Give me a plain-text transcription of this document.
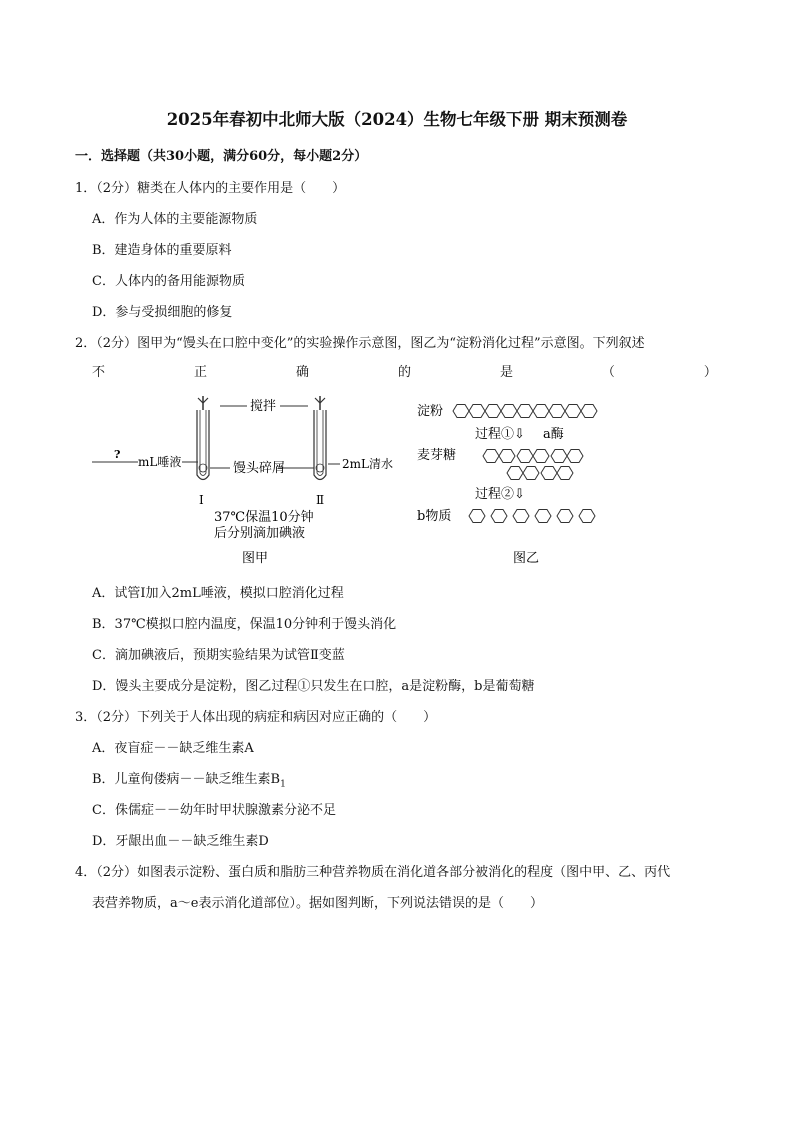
2025年春初中北师大版（2024）生物七年级下册 期末预测卷
一．选择题（共30小题，满分60分，每小题2分）
1．（2分）糖类在人体内的主要作用是（　　）
A．作为人体的主要能源物质
B．建造身体的重要原料
C．人体内的备用能源物质
D．参与受损细胞的修复
2．（2分）图甲为“馒头在口腔中变化”的实验操作示意图，图乙为“淀粉消化过程”示意图。下列叙述
不	正	确	的	是	（	）
搅拌
?
mL唾液	馒头碎屑	2mL清水
Ⅰ	Ⅱ
37℃保温10分钟
后分别滴加碘液
图甲
淀粉
过程①⇩ a酶
麦芽糖
过程②⇩
b物质
图乙
A．试管Ⅰ加入2mL唾液，模拟口腔消化过程
B．37℃模拟口腔内温度，保温10分钟利于馒头消化
C．滴加碘液后，预期实验结果为试管Ⅱ变蓝
D．馒头主要成分是淀粉，图乙过程①只发生在口腔，a是淀粉酶，b是葡萄糖
3．（2分）下列关于人体出现的病症和病因对应正确的（　　）
A．夜盲症－－缺乏维生素A
B．儿童佝偻病－－缺乏维生素$B_1$
C．侏儒症－－幼年时甲状腺激素分泌不足
D．牙龈出血－－缺乏维生素D
4．（2分）如图表示淀粉、蛋白质和脂肪三种营养物质在消化道各部分被消化的程度（图中甲、乙、丙代
表营养物质，a～e表示消化道部位）。据如图判断，下列说法错误的是（　　）
